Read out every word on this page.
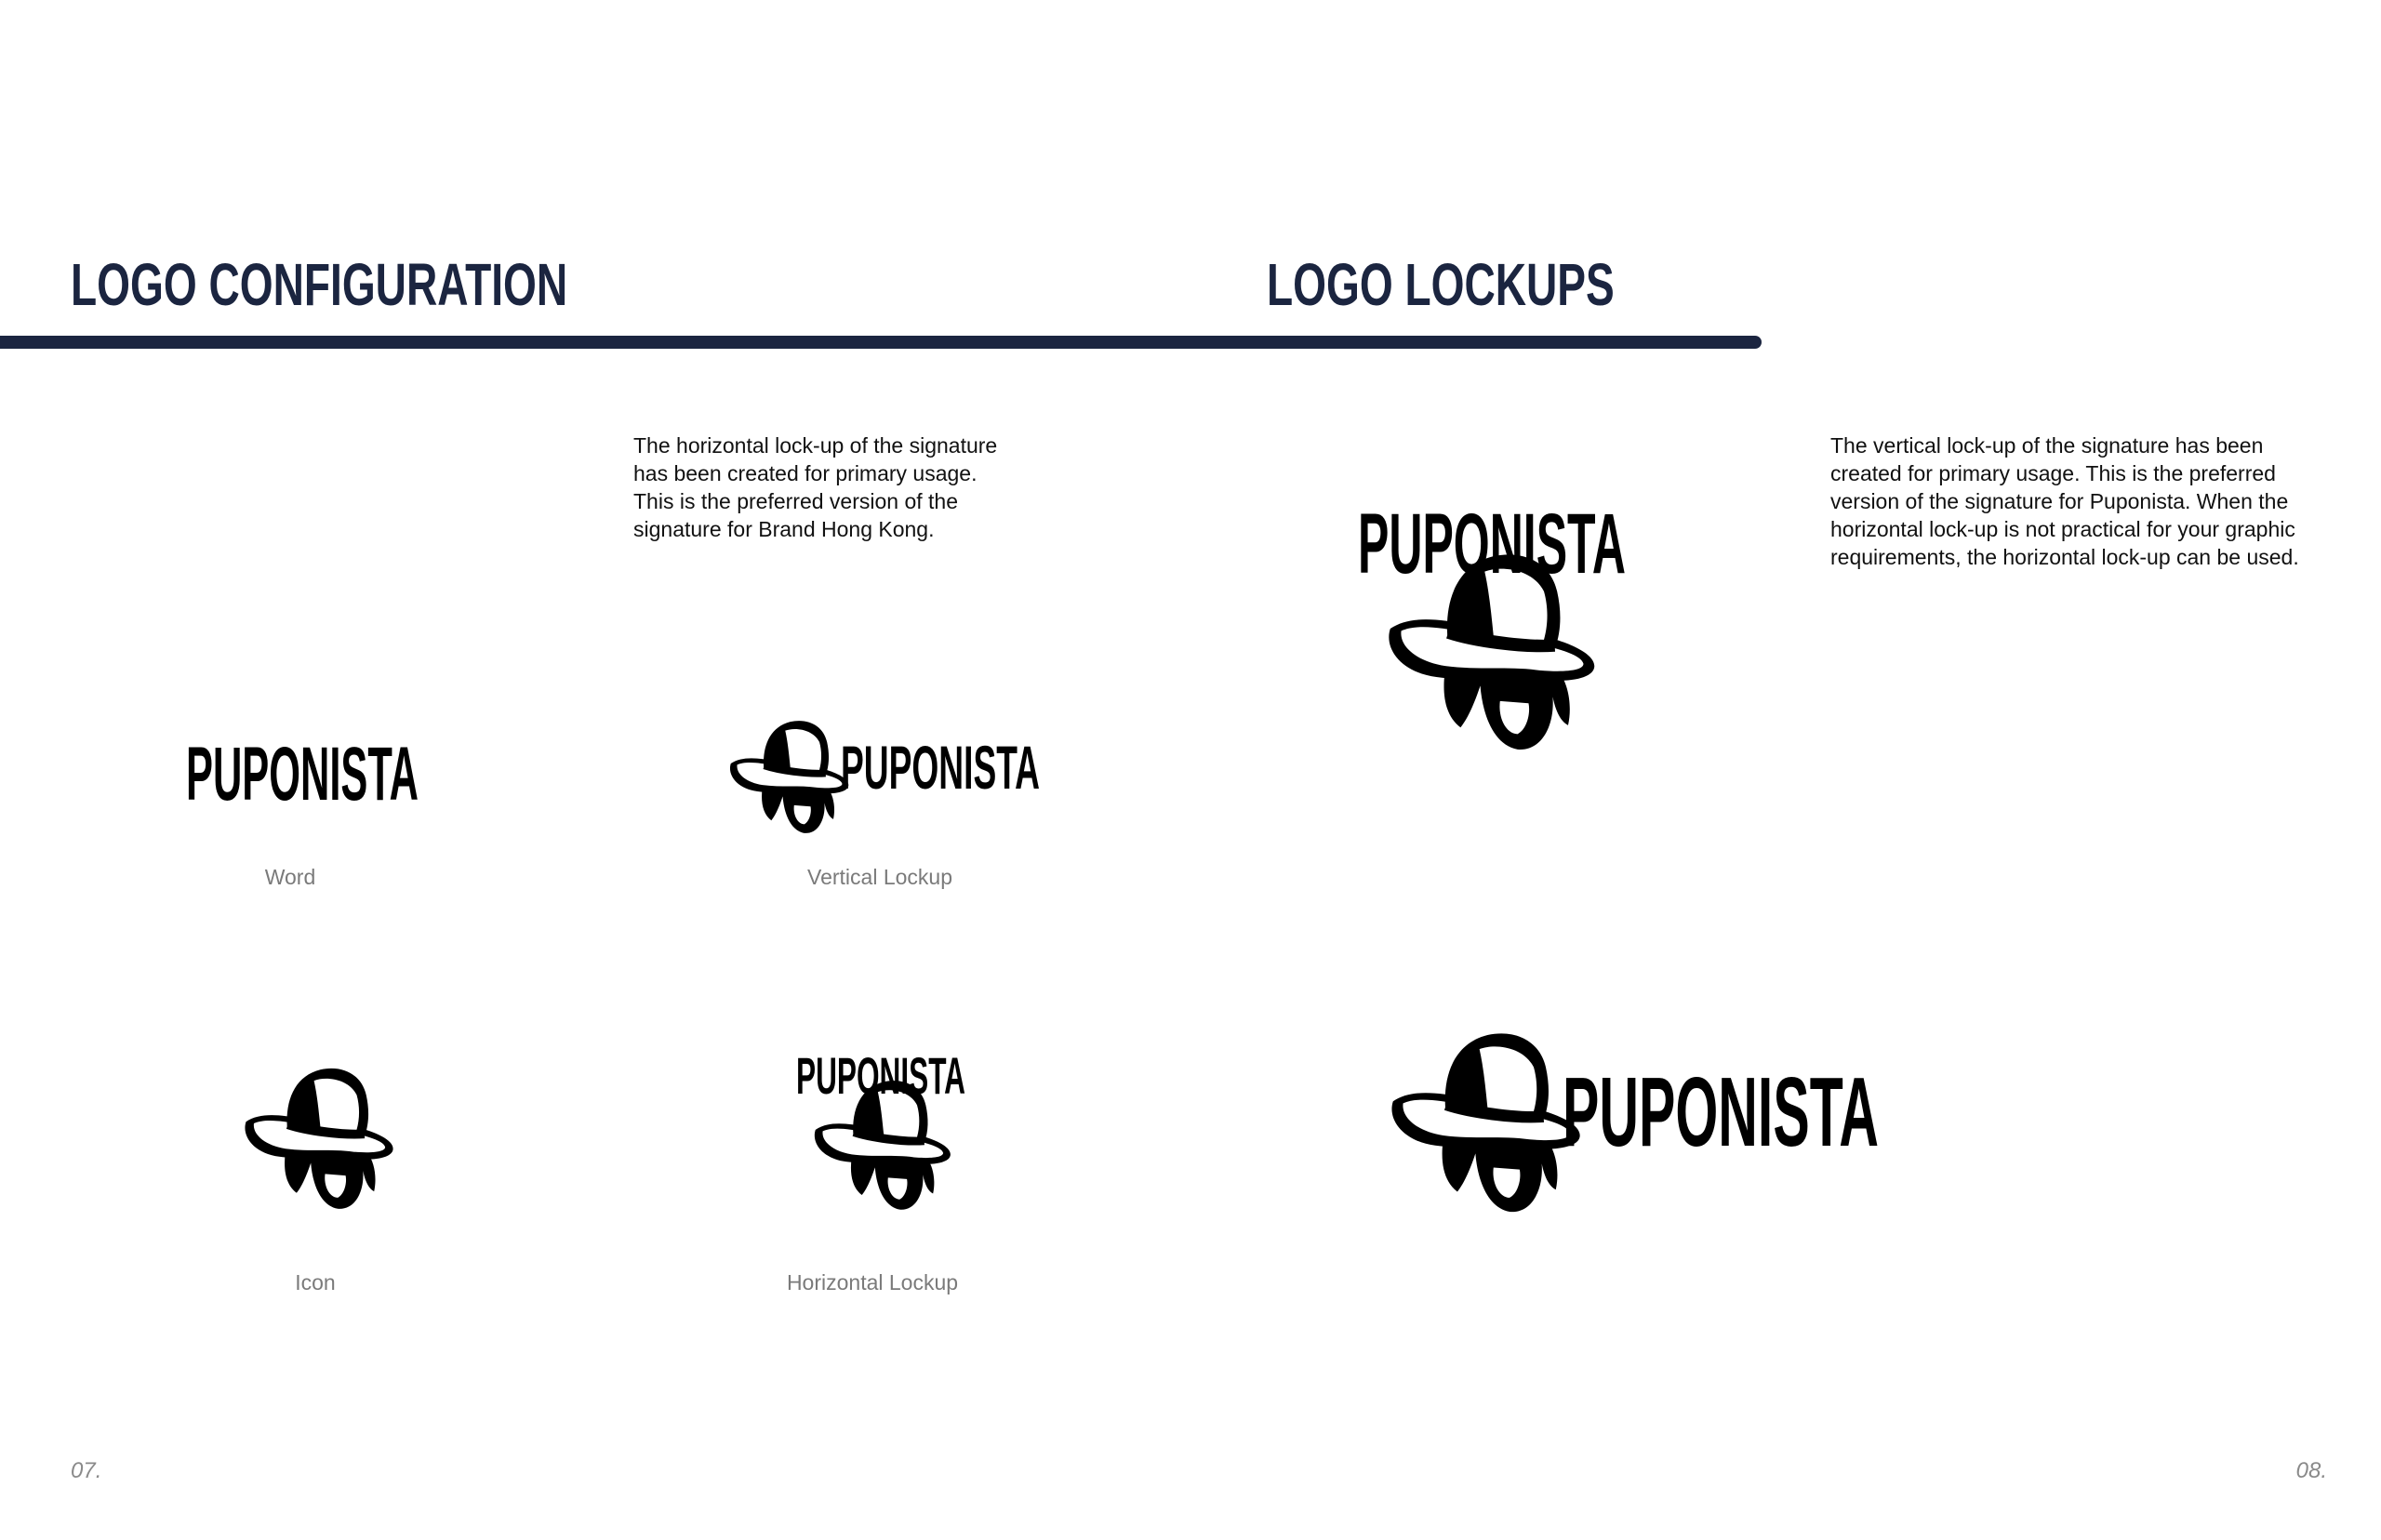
LOGO CONFIGURATION	LOGO LOCKUPS

The horizontal lock-up of the signature
has been created for primary usage.
This is the preferred version of the
signature for Brand Hong Kong.

The vertical lock-up of the signature has been
created for primary usage. This is the preferred
version of the signature for Puponista. When the
horizontal lock-up is not practical for your graphic
requirements, the horizontal lock-up can be used.

PUPONISTA
Word
PUPONISTA
Vertical Lockup
Icon
PUPONISTA
Horizontal Lockup
PUPONISTA
PUPONISTA
07.	08.
